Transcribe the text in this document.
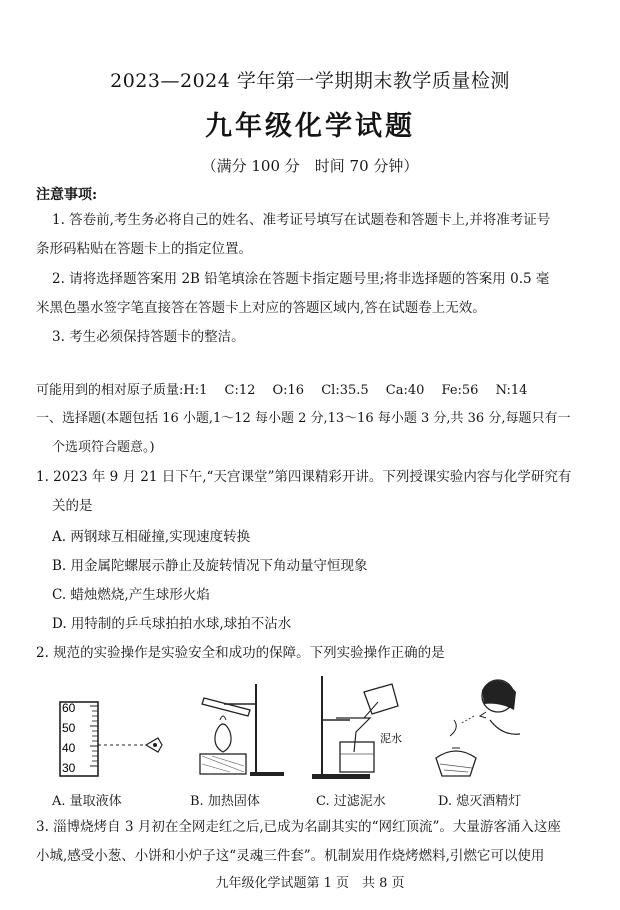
2023—2024 学年第一学期期末教学质量检测
九年级化学试题
（满分 100 分　时间 70 分钟）
注意事项:
1. 答卷前,考生务必将自己的姓名、准考证号填写在试题卷和答题卡上,并将准考证号
条形码粘贴在答题卡上的指定位置。
2. 请将选择题答案用 2B 铅笔填涂在答题卡指定题号里;将非选择题的答案用 0.5 毫
米黑色墨水签字笔直接答在答题卡上对应的答题区域内,答在试题卷上无效。
3. 考生必须保持答题卡的整洁。
可能用到的相对原子质量:H:1　 C:12　 O:16　 Cl:35.5　 Ca:40　 Fe:56　 N:14
一、选择题(本题包括 16 小题,1～12 每小题 2 分,13～16 每小题 3 分,共 36 分,每题只有一
个选项符合题意。)
1. 2023 年 9 月 21 日下午,“天宫课堂”第四课精彩开讲。下列授课实验内容与化学研究有
关的是
A. 两钢球互相碰撞,实现速度转换
B. 用金属陀螺展示静止及旋转情况下角动量守恒现象
C. 蜡烛燃烧,产生球形火焰
D. 用特制的乒乓球拍拍水球,球拍不沾水
2. 规范的实验操作是实验安全和成功的保障。下列实验操作正确的是
60
50
40
30
泥水
A. 量取液体	B. 加热固体	C. 过滤泥水	D. 熄灭酒精灯
3. 淄博烧烤自 3 月初在全网走红之后,已成为名副其实的“网红顶流”。大量游客涌入这座
小城,感受小葱、小饼和小炉子这“灵魂三件套”。机制炭用作烧烤燃料,引燃它可以使用
九年级化学试题第 1 页　共 8 页
